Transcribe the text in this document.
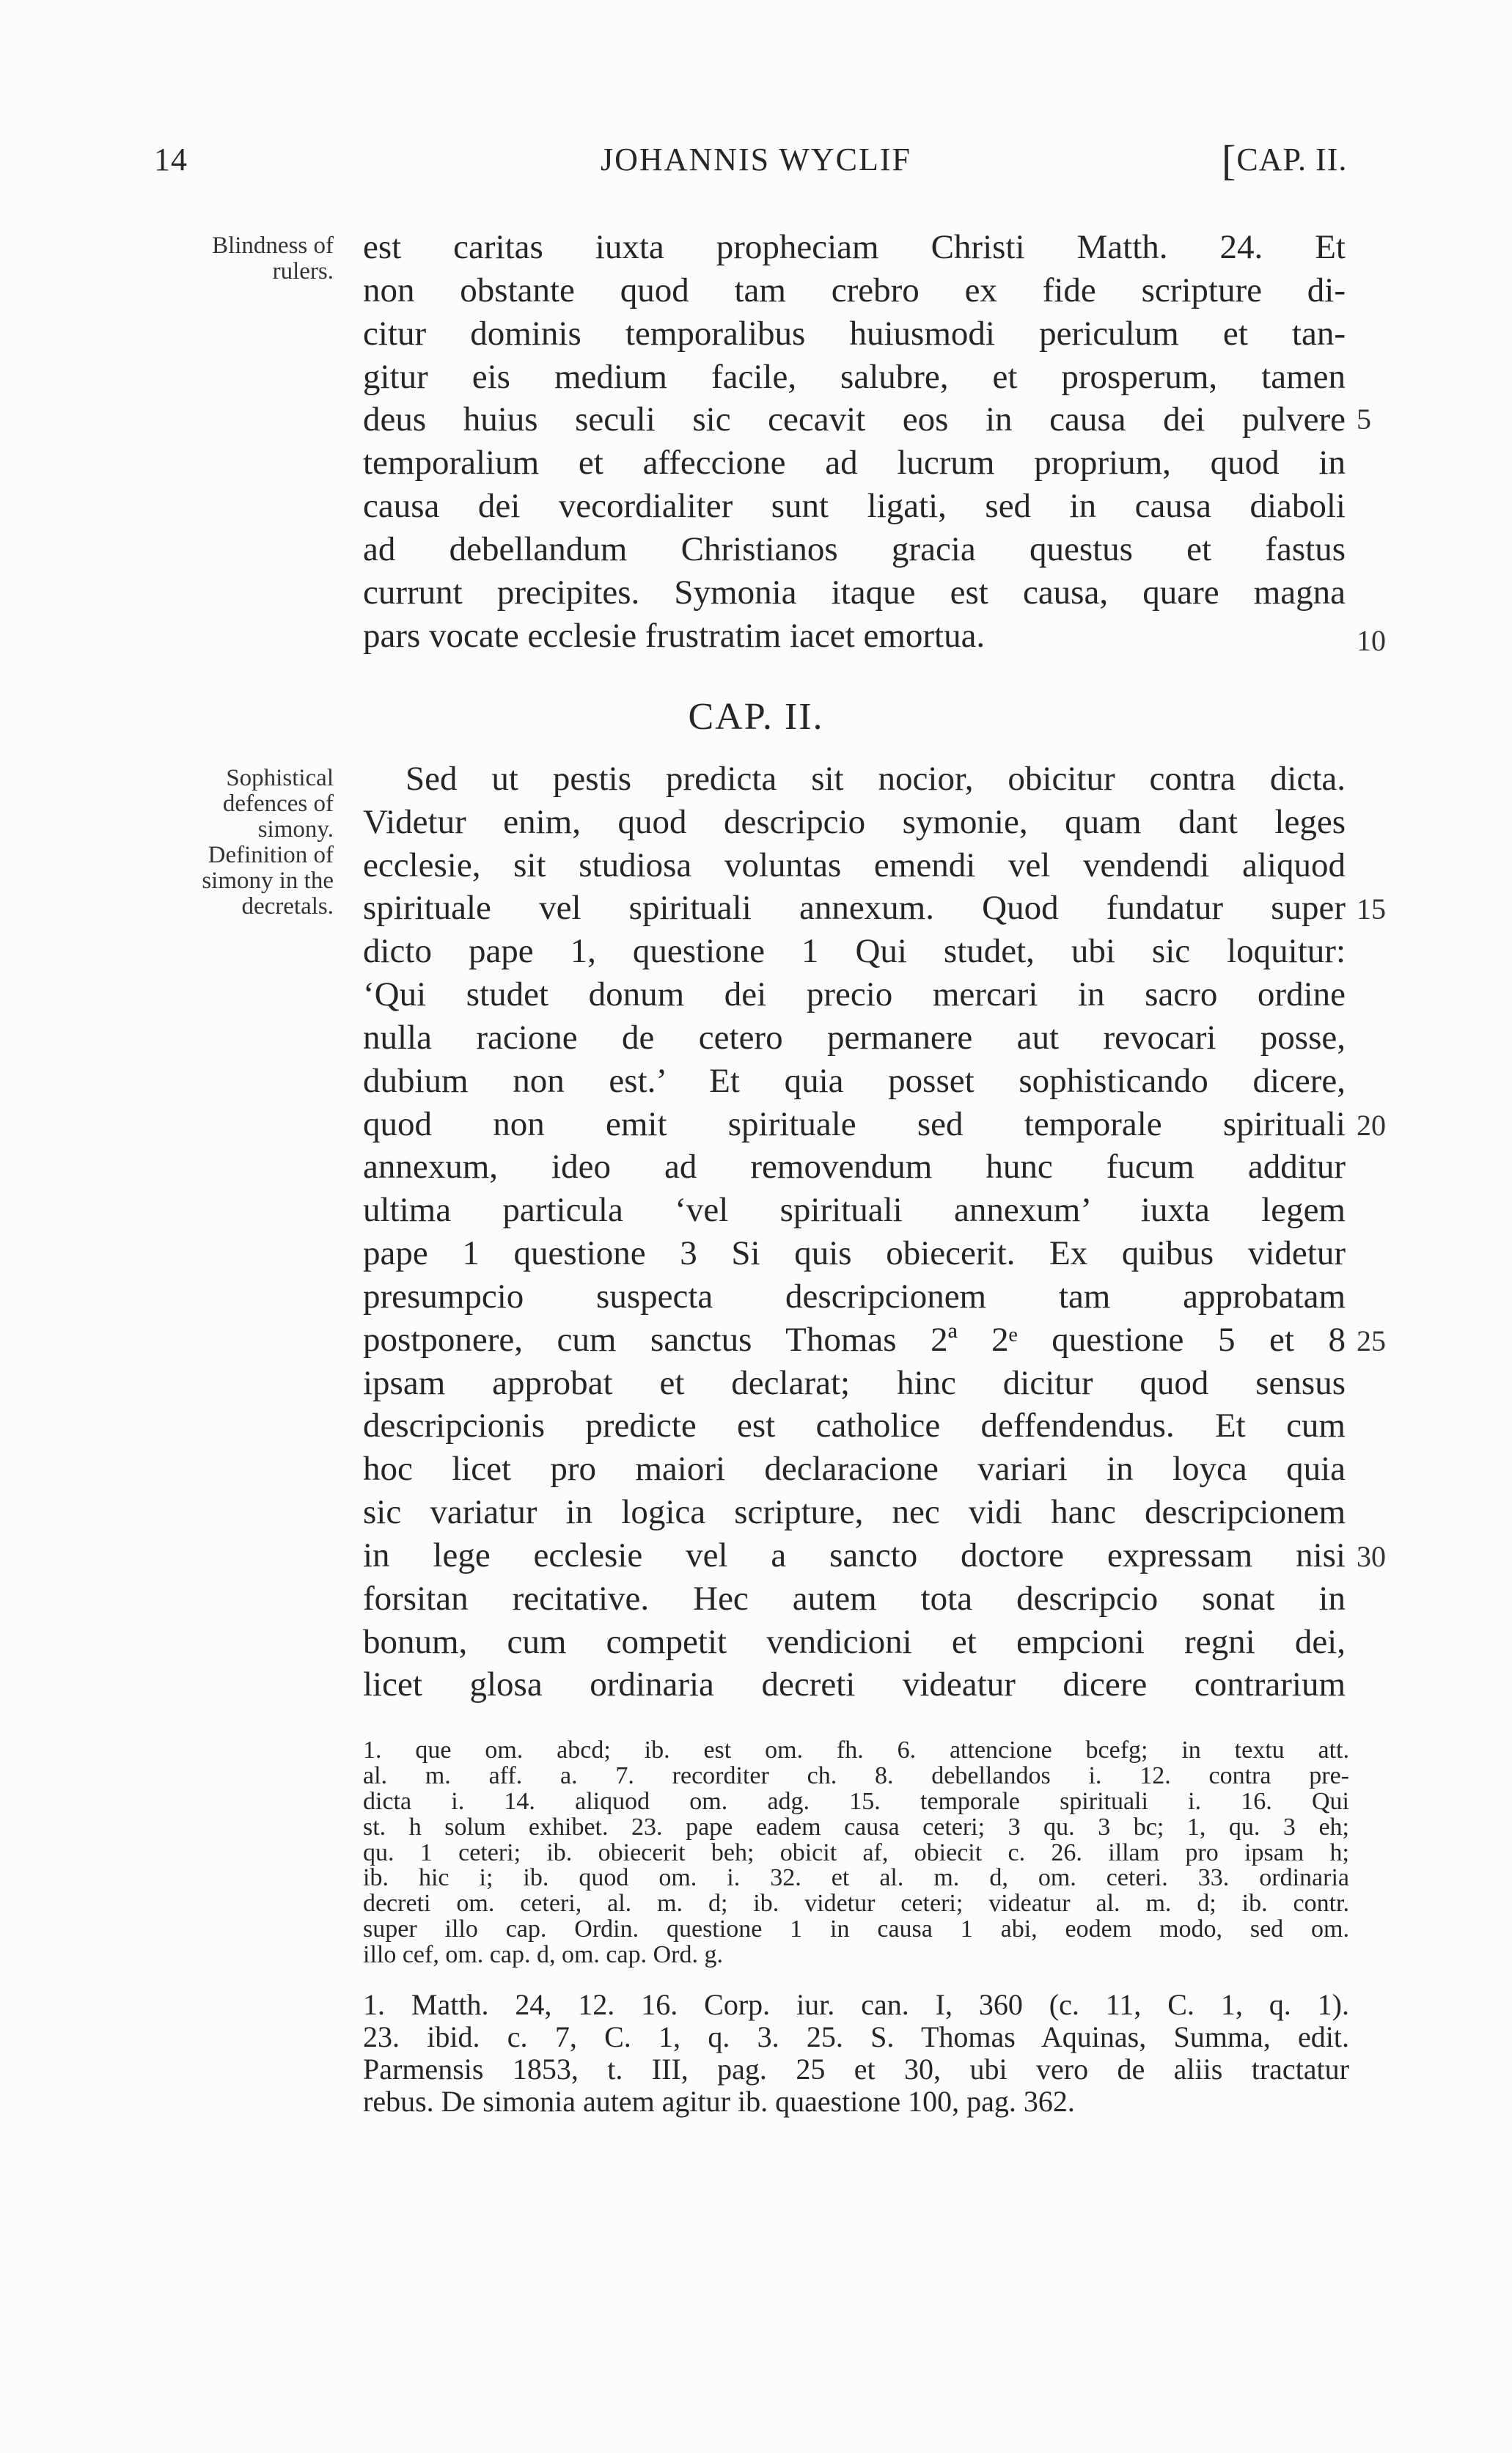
14	JOHANNIS WYCLIF	[CAP. II.
Blindness of
rulers.
Sophistical
defences of
simony.
Definition of
simony in the
decretals.
est caritas iuxta propheciam Christi Matth. 24. Et
non obstante quod tam crebro ex fide scripture di-
citur dominis temporalibus huiusmodi periculum et tan-
gitur eis medium facile, salubre, et prosperum, tamen
deus huius seculi sic cecavit eos in causa dei pulvere
temporalium et affeccione ad lucrum proprium, quod in
causa dei vecordialiter sunt ligati, sed in causa diaboli
ad debellandum Christianos gracia questus et fastus
currunt precipites. Symonia itaque est causa, quare magna
pars vocate ecclesie frustratim iacet emortua.
CAP. II.
Sed ut pestis predicta sit nocior, obicitur contra dicta.
Videtur enim, quod descripcio symonie, quam dant leges
ecclesie, sit studiosa voluntas emendi vel vendendi aliquod
spirituale vel spirituali annexum. Quod fundatur super
dicto pape 1, questione 1 Qui studet, ubi sic loquitur:
‘Qui studet donum dei precio mercari in sacro ordine
nulla racione de cetero permanere aut revocari posse,
dubium non est.’ Et quia posset sophisticando dicere,
quod non emit spirituale sed temporale spirituali
annexum, ideo ad removendum hunc fucum additur
ultima particula ‘vel spirituali annexum’ iuxta legem
pape 1 questione 3 Si quis obiecerit. Ex quibus videtur
presumpcio suspecta descripcionem tam approbatam
postponere, cum sanctus Thomas 2ª 2ᵉ questione 5 et 8
ipsam approbat et declarat; hinc dicitur quod sensus
descripcionis predicte est catholice deffendendus. Et cum
hoc licet pro maiori declaracione variari in loyca quia
sic variatur in logica scripture, nec vidi hanc descripcionem
in lege ecclesie vel a sancto doctore expressam nisi
forsitan recitative. Hec autem tota descripcio sonat in
bonum, cum competit vendicioni et empcioni regni dei,
licet glosa ordinaria decreti videatur dicere contrarium
5
10
15
20
25
30
1. que om. abcd; ib. est om. fh. 6. attencione bcefg; in textu att.
al. m. aff. a. 7. recorditer ch. 8. debellandos i. 12. contra pre-
dicta i. 14. aliquod om. adg. 15. temporale spirituali i. 16. Qui
st. h solum exhibet. 23. pape eadem causa ceteri; 3 qu. 3 bc; 1, qu. 3 eh;
qu. 1 ceteri; ib. obiecerit beh; obicit af, obiecit c. 26. illam pro ipsam h;
ib. hic i; ib. quod om. i. 32. et al. m. d, om. ceteri. 33. ordinaria
decreti om. ceteri, al. m. d; ib. videtur ceteri; videatur al. m. d; ib. contr.
super illo cap. Ordin. questione 1 in causa 1 abi, eodem modo, sed om.
illo cef, om. cap. d, om. cap. Ord. g.
1. Matth. 24, 12. 16. Corp. iur. can. I, 360 (c. 11, C. 1, q. 1).
23. ibid. c. 7, C. 1, q. 3. 25. S. Thomas Aquinas, Summa, edit.
Parmensis 1853, t. III, pag. 25 et 30, ubi vero de aliis tractatur
rebus. De simonia autem agitur ib. quaestione 100, pag. 362.
